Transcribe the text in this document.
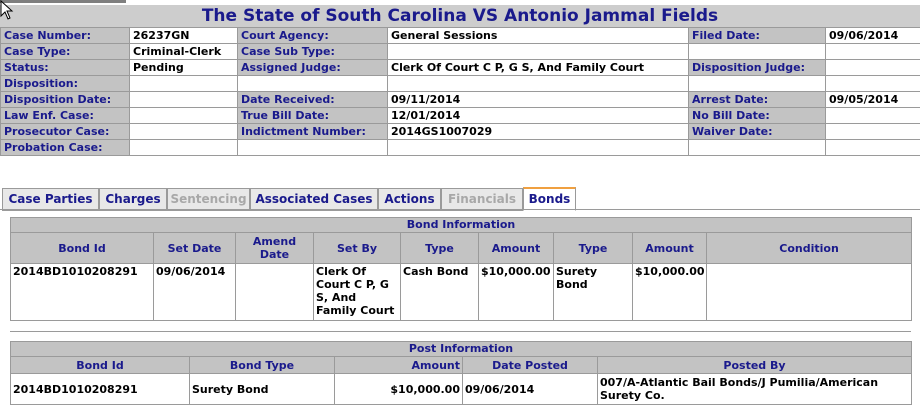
The State of South Carolina VS Antonio Jammal Fields
Case Number:	26237GN	Court Agency:	General Sessions	Filed Date:	09/06/2014
Case Type:	Criminal-Clerk	Case Sub Type:			
Status:	Pending	Assigned Judge:	Clerk Of Court C P, G S, And Family Court	Disposition Judge:	
Disposition:					
Disposition Date:		Date Received:	09/11/2014	Arrest Date:	09/05/2014
Law Enf. Case:		True Bill Date:	12/01/2014	No Bill Date:	
Prosecutor Case:		Indictment Number:	2014GS1007029	Waiver Date:	
Probation Case:					
Case Parties	Charges Sentencing Associated Cases Actions	Financials	Bonds
Bond Information								
Bond Id	Set Date	Amend Date	Set By	Type	Amount	Type	Amount	Condition
2014BD1010208291	09/06/2014		Clerk Of Court C P, G S, And Family Court	Cash Bond	$10,000.00	Surety Bond	$10,000.00	
Post Information				
Bond Id	Bond Type	Amount	Date Posted	Posted By
2014BD1010208291	Surety Bond	$10,000.00	09/06/2014	007/A-Atlantic Bail Bonds/J Pumilia/American Surety Co.
